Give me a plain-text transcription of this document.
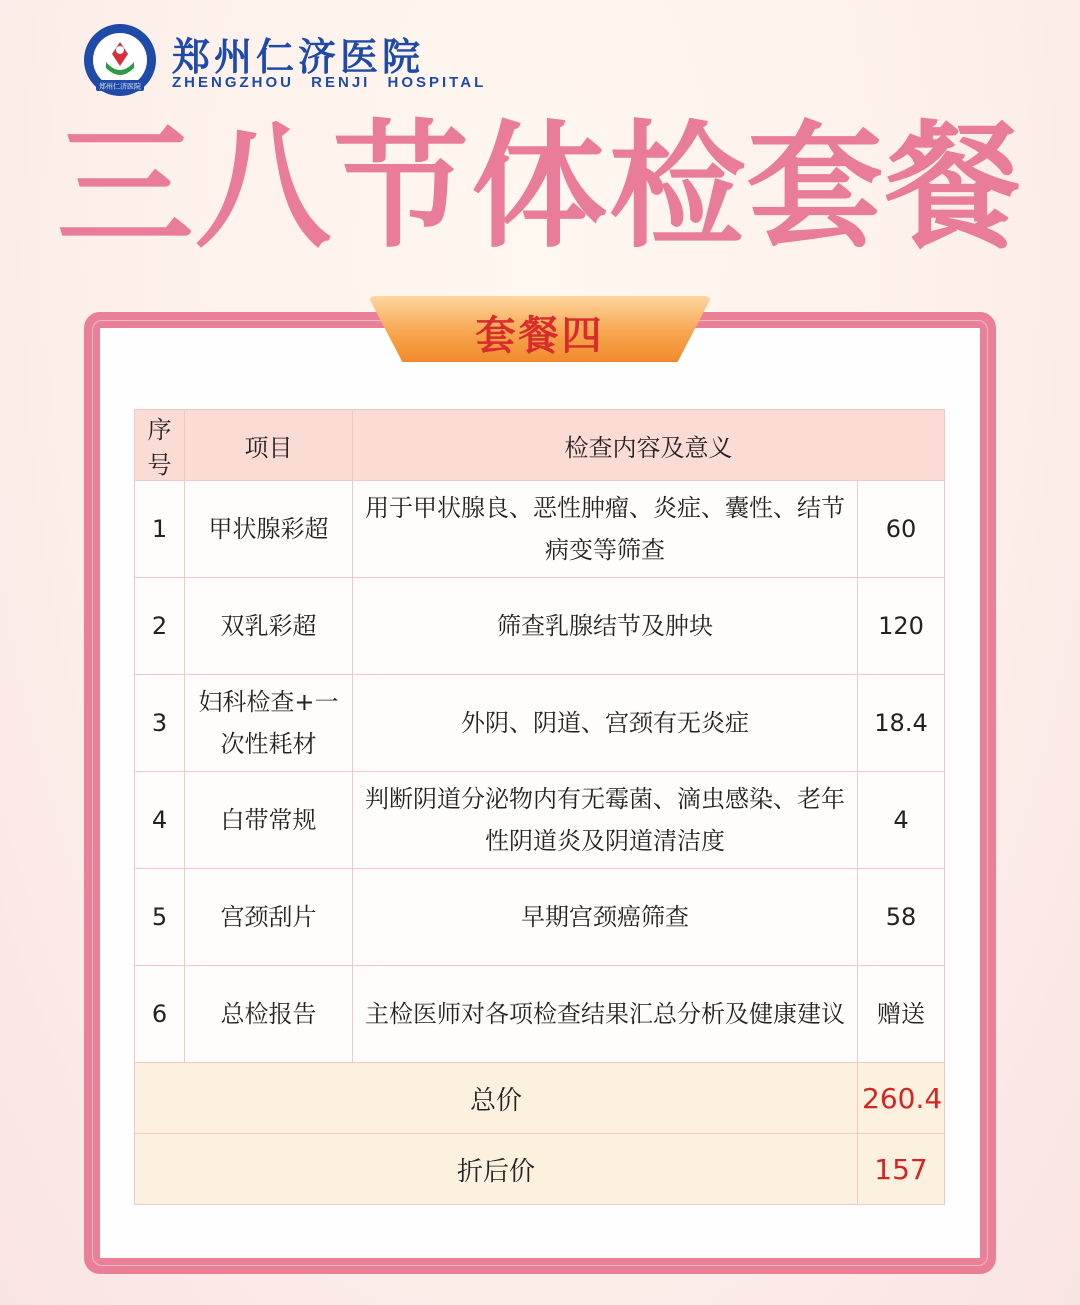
郑州仁济医院
郑州仁济医院
ZHENGZHOU RENJI HOSPITAL
三八节体检套餐
套餐四
序号	项目	检查内容及意义	
1	甲状腺彩超	用于甲状腺良、恶性肿瘤、炎症、囊性、结节病变等筛查	60
2	双乳彩超	筛查乳腺结节及肿块	120
3	妇科检查+一次性耗材	外阴、阴道、宫颈有无炎症	18.4
4	白带常规	判断阴道分泌物内有无霉菌、滴虫感染、老年性阴道炎及阴道清洁度	4
5	宫颈刮片	早期宫颈癌筛查	58
6	总检报告	主检医师对各项检查结果汇总分析及健康建议	赠送
总价			260.4
折后价			157
